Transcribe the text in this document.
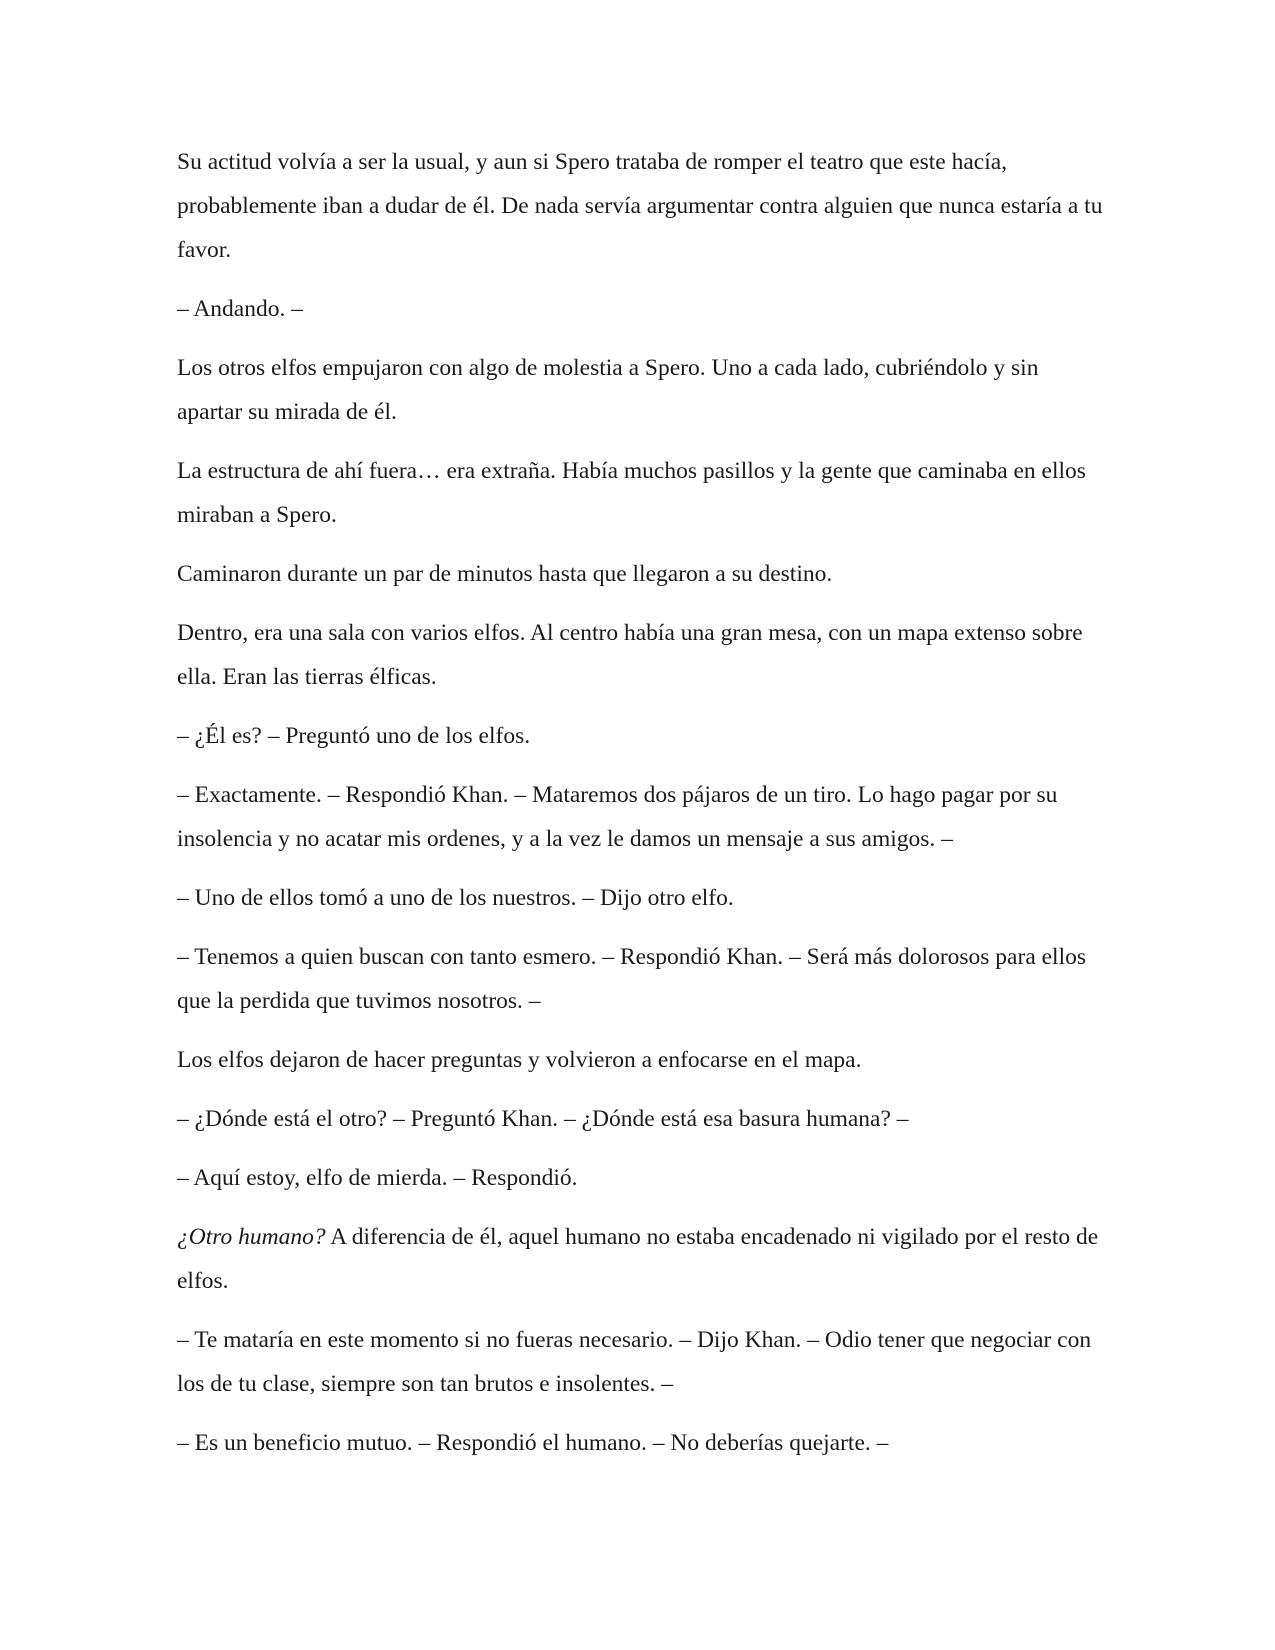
Su actitud volvía a ser la usual, y aun si Spero trataba de romper el teatro que este hacía, probablemente iban a dudar de él. De nada servía argumentar contra alguien que nunca estaría a tu favor.

– Andando. –

Los otros elfos empujaron con algo de molestia a Spero. Uno a cada lado, cubriéndolo y sin apartar su mirada de él.

La estructura de ahí fuera… era extraña. Había muchos pasillos y la gente que caminaba en ellos miraban a Spero.

Caminaron durante un par de minutos hasta que llegaron a su destino.

Dentro, era una sala con varios elfos. Al centro había una gran mesa, con un mapa extenso sobre ella. Eran las tierras élficas.

– ¿Él es? – Preguntó uno de los elfos.

– Exactamente. – Respondió Khan. – Mataremos dos pájaros de un tiro. Lo hago pagar por su insolencia y no acatar mis ordenes, y a la vez le damos un mensaje a sus amigos. –

– Uno de ellos tomó a uno de los nuestros. – Dijo otro elfo.

– Tenemos a quien buscan con tanto esmero. – Respondió Khan. – Será más dolorosos para ellos que la perdida que tuvimos nosotros. –

Los elfos dejaron de hacer preguntas y volvieron a enfocarse en el mapa.

– ¿Dónde está el otro? – Preguntó Khan. – ¿Dónde está esa basura humana? –

– Aquí estoy, elfo de mierda. – Respondió.

¿Otro humano? A diferencia de él, aquel humano no estaba encadenado ni vigilado por el resto de elfos.

– Te mataría en este momento si no fueras necesario. – Dijo Khan. – Odio tener que negociar con los de tu clase, siempre son tan brutos e insolentes. –

– Es un beneficio mutuo. – Respondió el humano. – No deberías quejarte. –
